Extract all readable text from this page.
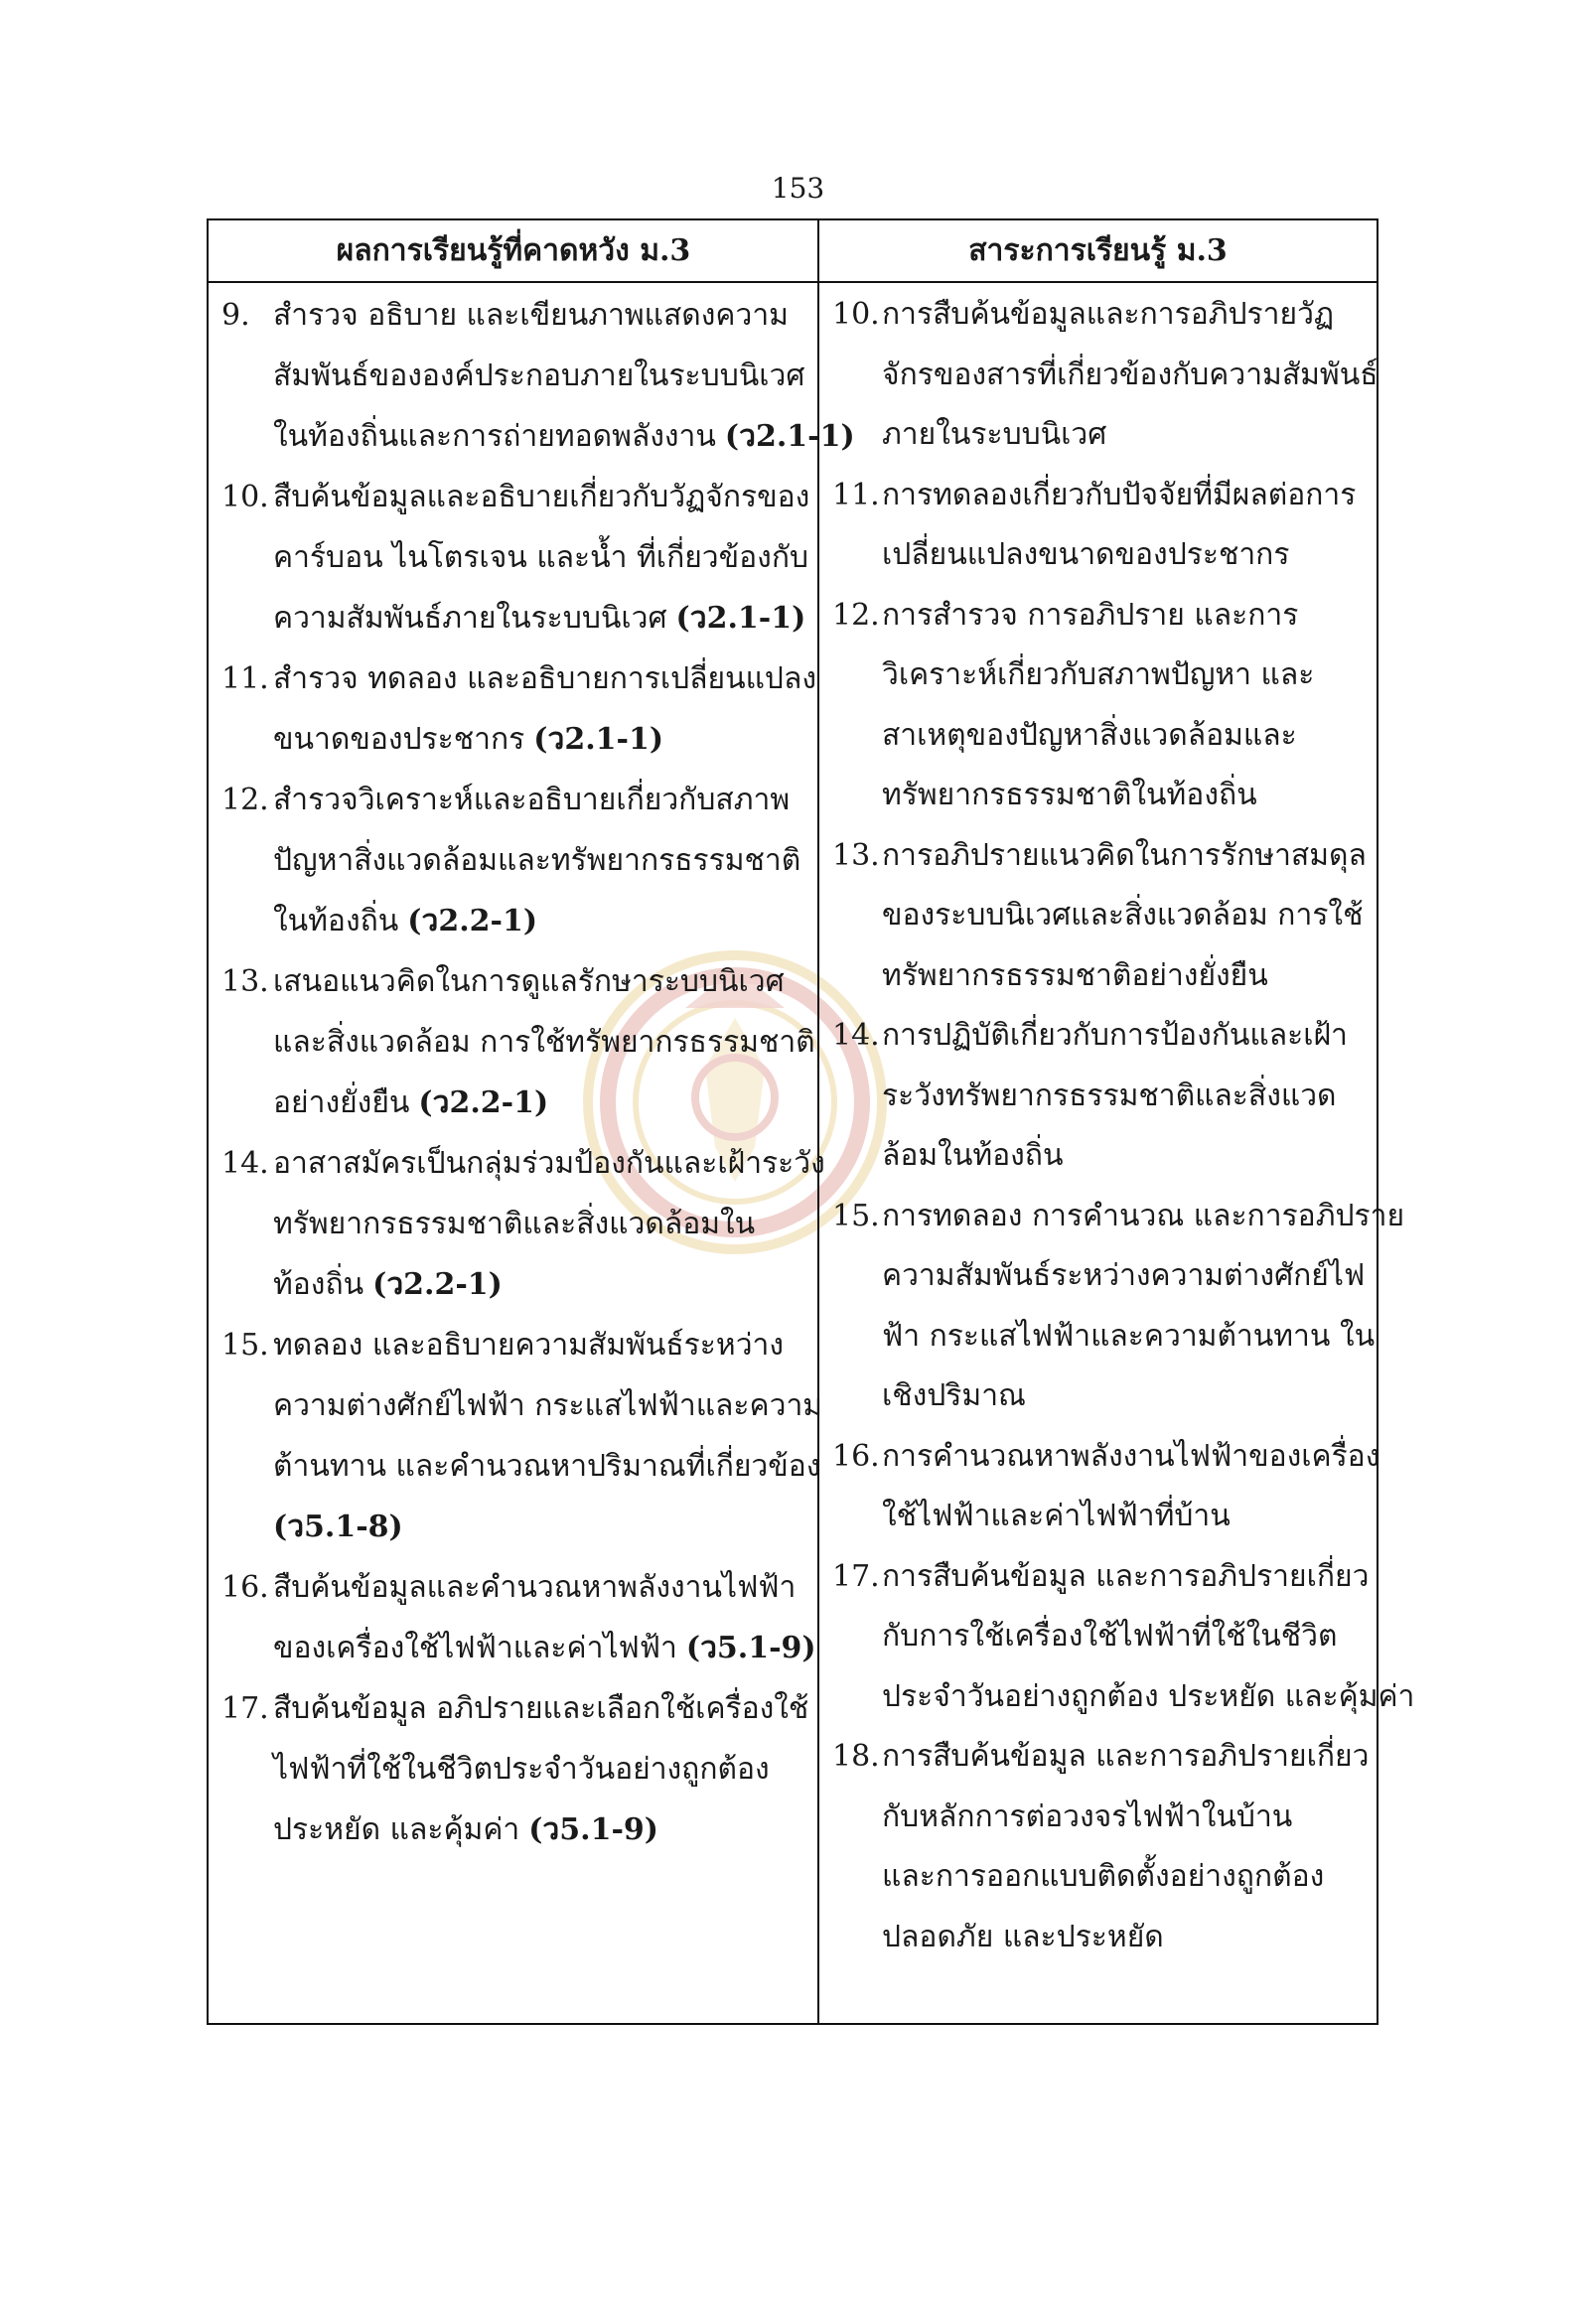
153
ผลการเรียนรู้ที่คาดหวัง ม.3	สาระการเรียนรู้ ม.3
9. สำรวจ อธิบาย และเขียนภาพแสดงความ
สัมพันธ์ขององค์ประกอบภายในระบบนิเวศ
ในท้องถิ่นและการถ่ายทอดพลังงาน (ว2.1-1)
10. สืบค้นข้อมูลและอธิบายเกี่ยวกับวัฏจักรของ
คาร์บอน ไนโตรเจน และน้ำ ที่เกี่ยวข้องกับ
ความสัมพันธ์ภายในระบบนิเวศ (ว2.1-1)
11. สำรวจ ทดลอง และอธิบายการเปลี่ยนแปลง
ขนาดของประชากร (ว2.1-1)
12. สำรวจวิเคราะห์และอธิบายเกี่ยวกับสภาพ
ปัญหาสิ่งแวดล้อมและทรัพยากรธรรมชาติ
ในท้องถิ่น (ว2.2-1)
13. เสนอแนวคิดในการดูแลรักษาระบบนิเวศ
และสิ่งแวดล้อม การใช้ทรัพยากรธรรมชาติ
อย่างยั่งยืน (ว2.2-1)
14. อาสาสมัครเป็นกลุ่มร่วมป้องกันและเฝ้าระวัง
ทรัพยากรธรรมชาติและสิ่งแวดล้อมใน
ท้องถิ่น (ว2.2-1)
15. ทดลอง และอธิบายความสัมพันธ์ระหว่าง
ความต่างศักย์ไฟฟ้า กระแสไฟฟ้าและความ
ต้านทาน และคำนวณหาปริมาณที่เกี่ยวข้อง
(ว5.1-8)
16. สืบค้นข้อมูลและคำนวณหาพลังงานไฟฟ้า
ของเครื่องใช้ไฟฟ้าและค่าไฟฟ้า (ว5.1-9)
17. สืบค้นข้อมูล อภิปรายและเลือกใช้เครื่องใช้
ไฟฟ้าที่ใช้ในชีวิตประจำวันอย่างถูกต้อง
ประหยัด และคุ้มค่า (ว5.1-9)
10. การสืบค้นข้อมูลและการอภิปรายวัฏ
จักรของสารที่เกี่ยวข้องกับความสัมพันธ์
ภายในระบบนิเวศ
11. การทดลองเกี่ยวกับปัจจัยที่มีผลต่อการ
เปลี่ยนแปลงขนาดของประชากร
12. การสำรวจ การอภิปราย และการ
วิเคราะห์เกี่ยวกับสภาพปัญหา และ
สาเหตุของปัญหาสิ่งแวดล้อมและ
ทรัพยากรธรรมชาติในท้องถิ่น
13. การอภิปรายแนวคิดในการรักษาสมดุล
ของระบบนิเวศและสิ่งแวดล้อม การใช้
ทรัพยากรธรรมชาติอย่างยั่งยืน
14. การปฏิบัติเกี่ยวกับการป้องกันและเฝ้า
ระวังทรัพยากรธรรมชาติและสิ่งแวด
ล้อมในท้องถิ่น
15. การทดลอง การคำนวณ และการอภิปราย
ความสัมพันธ์ระหว่างความต่างศักย์ไฟ
ฟ้า กระแสไฟฟ้าและความต้านทาน ใน
เชิงปริมาณ
16. การคำนวณหาพลังงานไฟฟ้าของเครื่อง
ใช้ไฟฟ้าและค่าไฟฟ้าที่บ้าน
17. การสืบค้นข้อมูล และการอภิปรายเกี่ยว
กับการใช้เครื่องใช้ไฟฟ้าที่ใช้ในชีวิต
ประจำวันอย่างถูกต้อง ประหยัด และคุ้มค่า
18. การสืบค้นข้อมูล และการอภิปรายเกี่ยว
กับหลักการต่อวงจรไฟฟ้าในบ้าน
และการออกแบบติดตั้งอย่างถูกต้อง
ปลอดภัย และประหยัด
